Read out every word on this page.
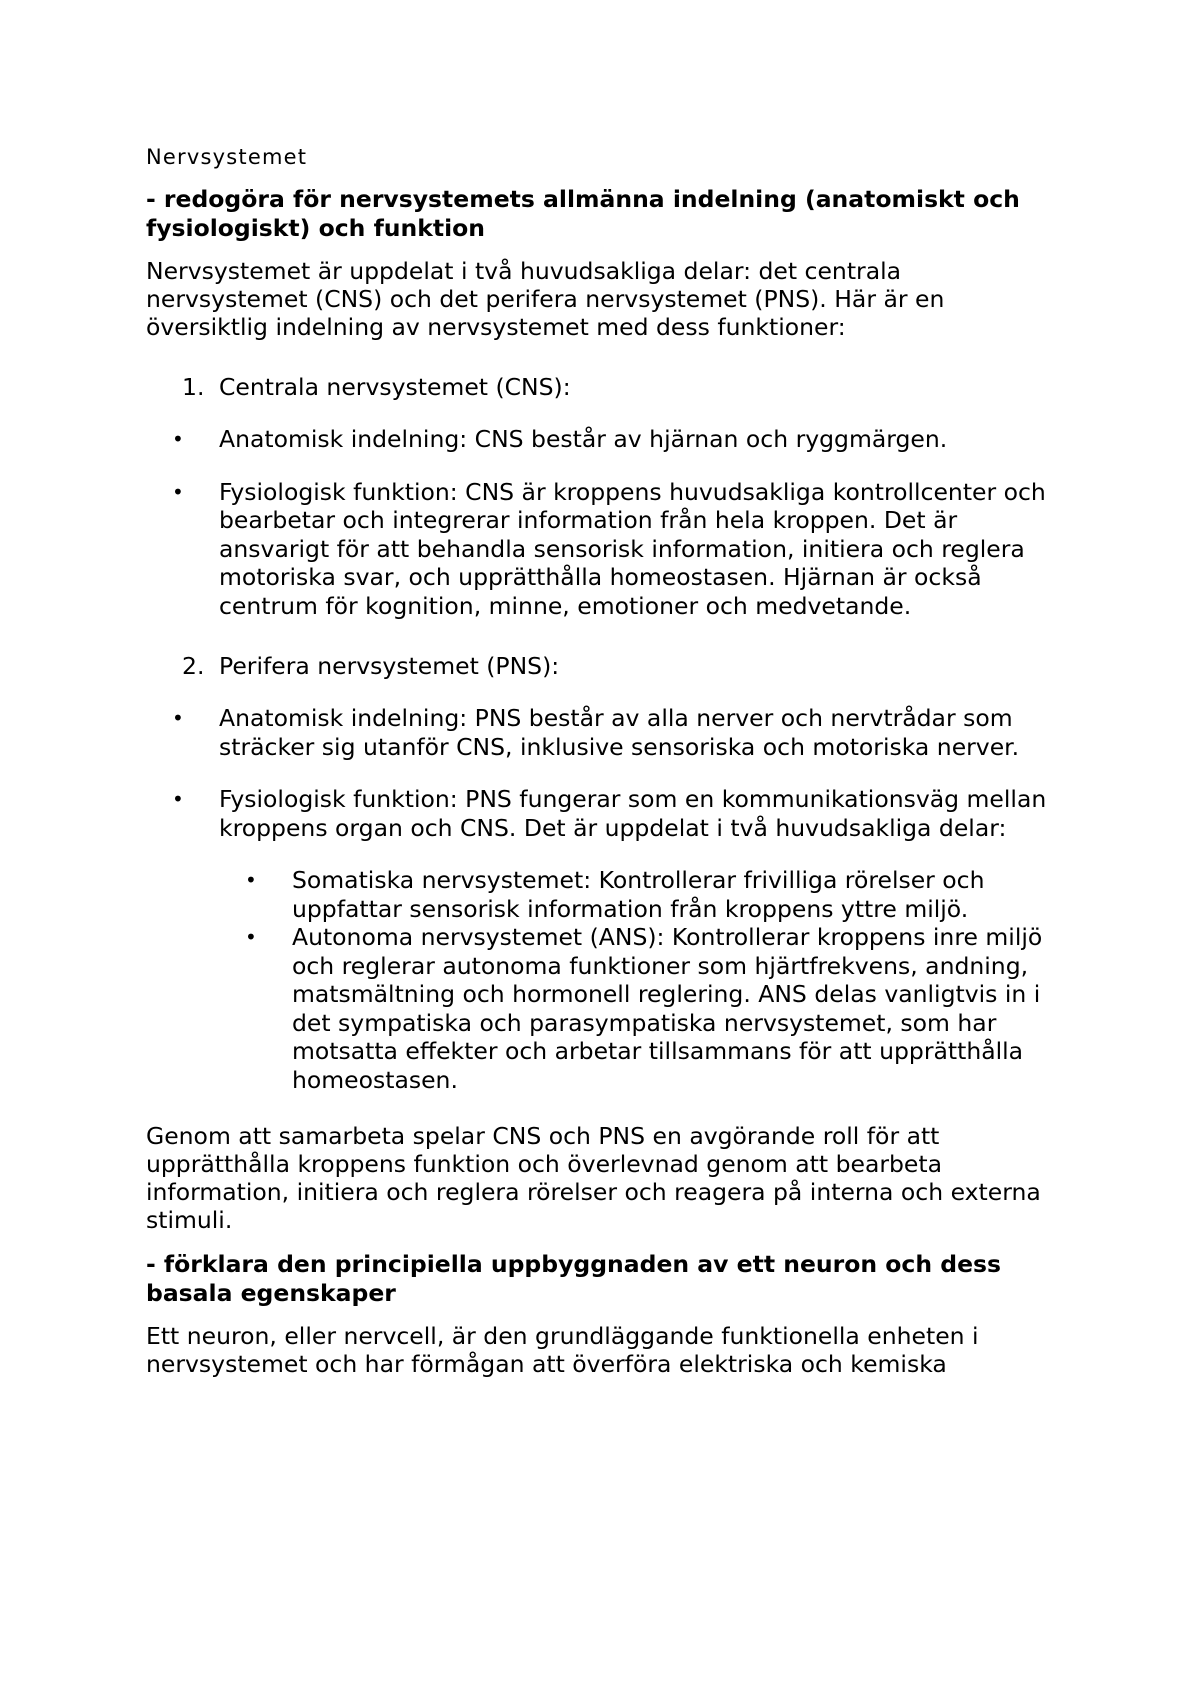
Nervsystemet
- redogöra för nervsystemets allmänna indelning (anatomiskt och fysiologiskt) och funktion
Nervsystemet är uppdelat i två huvudsakliga delar: det centrala nervsystemet (CNS) och det perifera nervsystemet (PNS). Här är en översiktlig indelning av nervsystemet med dess funktioner:
1. Centrala nervsystemet (CNS):
• Anatomisk indelning: CNS består av hjärnan och ryggmärgen.
• Fysiologisk funktion: CNS är kroppens huvudsakliga kontrollcenter och bearbetar och integrerar information från hela kroppen. Det är ansvarigt för att behandla sensorisk information, initiera och reglera motoriska svar, och upprätthålla homeostasen. Hjärnan är också centrum för kognition, minne, emotioner och medvetande.
2. Perifera nervsystemet (PNS):
• Anatomisk indelning: PNS består av alla nerver och nervtrådar som sträcker sig utanför CNS, inklusive sensoriska och motoriska nerver.
• Fysiologisk funktion: PNS fungerar som en kommunikationsväg mellan kroppens organ och CNS. Det är uppdelat i två huvudsakliga delar:
• Somatiska nervsystemet: Kontrollerar frivilliga rörelser och uppfattar sensorisk information från kroppens yttre miljö.
• Autonoma nervsystemet (ANS): Kontrollerar kroppens inre miljö och reglerar autonoma funktioner som hjärtfrekvens, andning, matsmältning och hormonell reglering. ANS delas vanligtvis in i det sympatiska och parasympatiska nervsystemet, som har motsatta effekter och arbetar tillsammans för att upprätthålla homeostasen.
Genom att samarbeta spelar CNS och PNS en avgörande roll för att upprätthålla kroppens funktion och överlevnad genom att bearbeta information, initiera och reglera rörelser och reagera på interna och externa stimuli.
- förklara den principiella uppbyggnaden av ett neuron och dess basala egenskaper
Ett neuron, eller nervcell, är den grundläggande funktionella enheten i nervsystemet och har förmågan att överföra elektriska och kemiska
